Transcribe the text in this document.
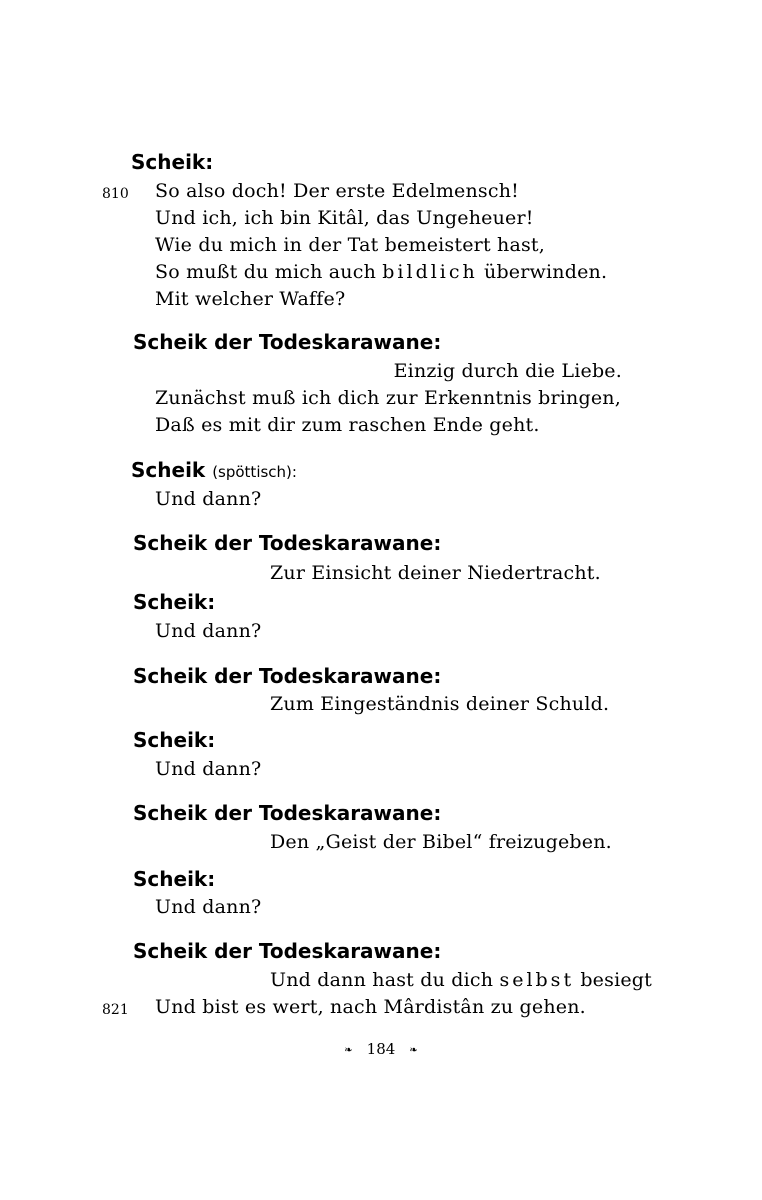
Scheik:
810 So also doch! Der erste Edelmensch!
Und ich, ich bin Kitâl, das Ungeheuer!
Wie du mich in der Tat bemeistert hast,
So mußt du mich auch bildlich überwinden.
Mit welcher Waffe?
Scheik der Todeskarawane:
Einzig durch die Liebe.
Zunächst muß ich dich zur Erkenntnis bringen,
Daß es mit dir zum raschen Ende geht.
Scheik (spöttisch):
Und dann?
Scheik der Todeskarawane:
Zur Einsicht deiner Niedertracht.
Scheik:
Und dann?
Scheik der Todeskarawane:
Zum Eingeständnis deiner Schuld.
Scheik:
Und dann?
Scheik der Todeskarawane:
Den „Geist der Bibel“ freizugeben.
Scheik:
Und dann?
Scheik der Todeskarawane:
Und dann hast du dich selbst besiegt
821 Und bist es wert, nach Mârdistân zu gehen.
❧ 184 ❧
